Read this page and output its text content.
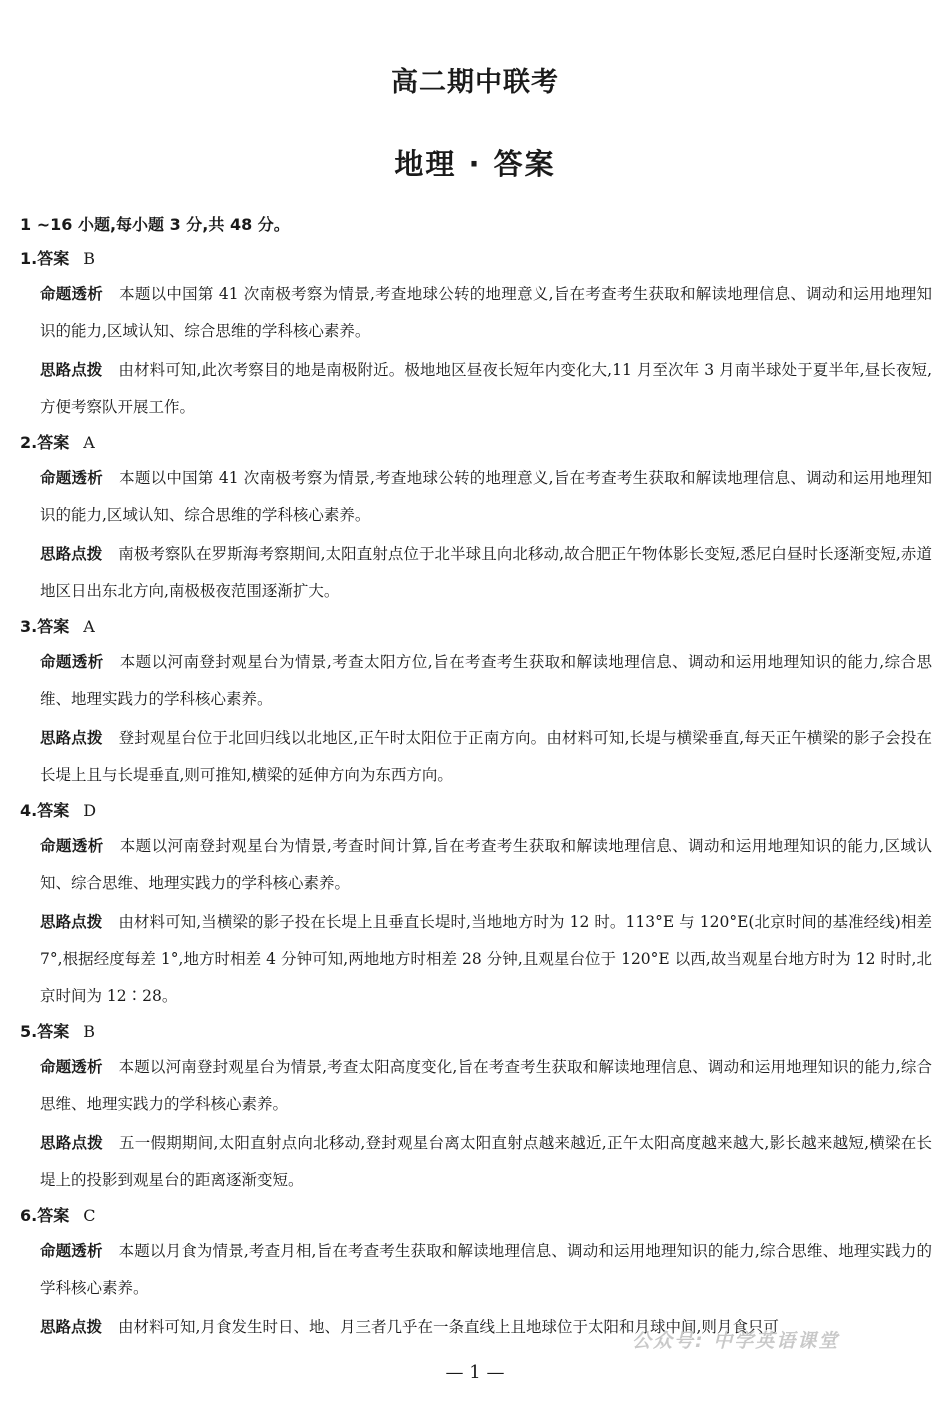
高二期中联考
地理 · 答案
1 ~16 小题,每小题 3 分,共 48 分。
1.答案 B
命题透析 本题以中国第 41 次南极考察为情景,考查地球公转的地理意义,旨在考查考生获取和解读地理信息、调动和运用地理知识的能力,区域认知、综合思维的学科核心素养。
思路点拨 由材料可知,此次考察目的地是南极附近。极地地区昼夜长短年内变化大,11 月至次年 3 月南半球处于夏半年,昼长夜短,方便考察队开展工作。
2.答案 A
命题透析 本题以中国第 41 次南极考察为情景,考查地球公转的地理意义,旨在考查考生获取和解读地理信息、调动和运用地理知识的能力,区域认知、综合思维的学科核心素养。
思路点拨 南极考察队在罗斯海考察期间,太阳直射点位于北半球且向北移动,故合肥正午物体影长变短,悉尼白昼时长逐渐变短,赤道地区日出东北方向,南极极夜范围逐渐扩大。
3.答案 A
命题透析 本题以河南登封观星台为情景,考查太阳方位,旨在考查考生获取和解读地理信息、调动和运用地理知识的能力,综合思维、地理实践力的学科核心素养。
思路点拨 登封观星台位于北回归线以北地区,正午时太阳位于正南方向。由材料可知,长堤与横梁垂直,每天正午横梁的影子会投在长堤上且与长堤垂直,则可推知,横梁的延伸方向为东西方向。
4.答案 D
命题透析 本题以河南登封观星台为情景,考查时间计算,旨在考查考生获取和解读地理信息、调动和运用地理知识的能力,区域认知、综合思维、地理实践力的学科核心素养。
思路点拨 由材料可知,当横梁的影子投在长堤上且垂直长堤时,当地地方时为 12 时。113°E 与 120°E(北京时间的基准经线)相差 7°,根据经度每差 1°,地方时相差 4 分钟可知,两地地方时相差 28 分钟,且观星台位于 120°E 以西,故当观星台地方时为 12 时时,北京时间为 12∶28。
5.答案 B
命题透析 本题以河南登封观星台为情景,考查太阳高度变化,旨在考查考生获取和解读地理信息、调动和运用地理知识的能力,综合思维、地理实践力的学科核心素养。
思路点拨 五一假期期间,太阳直射点向北移动,登封观星台离太阳直射点越来越近,正午太阳高度越来越大,影长越来越短,横梁在长堤上的投影到观星台的距离逐渐变短。
6.答案 C
命题透析 本题以月食为情景,考查月相,旨在考查考生获取和解读地理信息、调动和运用地理知识的能力,综合思维、地理实践力的学科核心素养。
思路点拨 由材料可知,月食发生时日、地、月三者几乎在一条直线上且地球位于太阳和月球中间,则月食只可
公众号: 中学英语课堂
— 1 —
